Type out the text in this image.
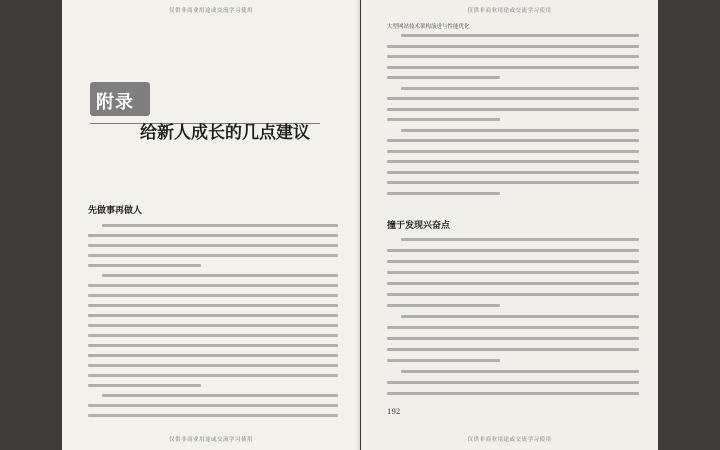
仅供非商业用途或交流学习使用
附录
给新人成长的几点建议
先做事再做人
仅供非商业用途或交流学习使用
仅供非商业用途或交流学习使用
大型网站技术架构演进与性能优化
撞于发现兴奋点
192
仅供非商业用途或交流学习使用
